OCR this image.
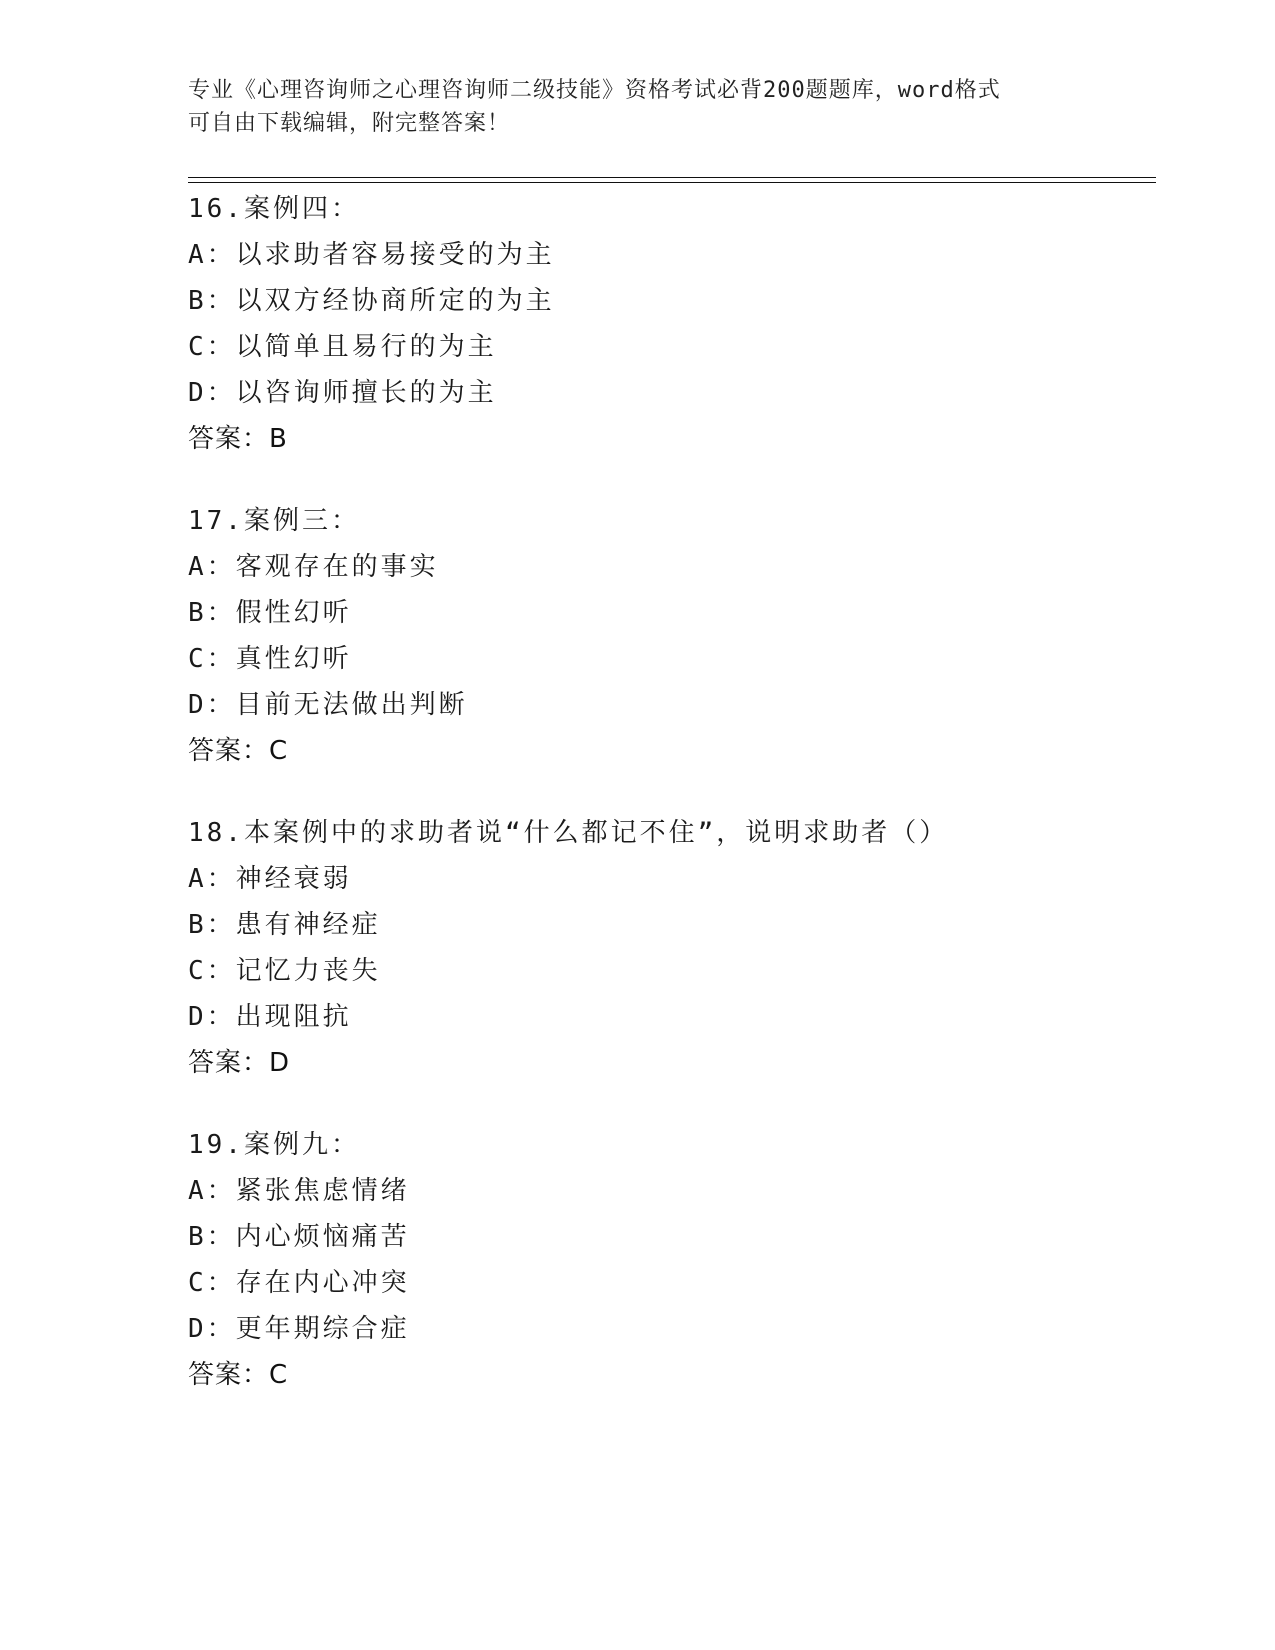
专业《心理咨询师之心理咨询师二级技能》资格考试必背200题题库，word格式
可自由下载编辑，附完整答案！
16.案例四：
A：以求助者容易接受的为主
B：以双方经协商所定的为主
C：以简单且易行的为主
D：以咨询师擅长的为主
答案：B
17.案例三：
A：客观存在的事实
B：假性幻听
C：真性幻听
D：目前无法做出判断
答案：C
18.本案例中的求助者说“什么都记不住”，说明求助者（）
A：神经衰弱
B：患有神经症
C：记忆力丧失
D：出现阻抗
答案：D
19.案例九：
A：紧张焦虑情绪
B：内心烦恼痛苦
C：存在内心冲突
D：更年期综合症
答案：C
